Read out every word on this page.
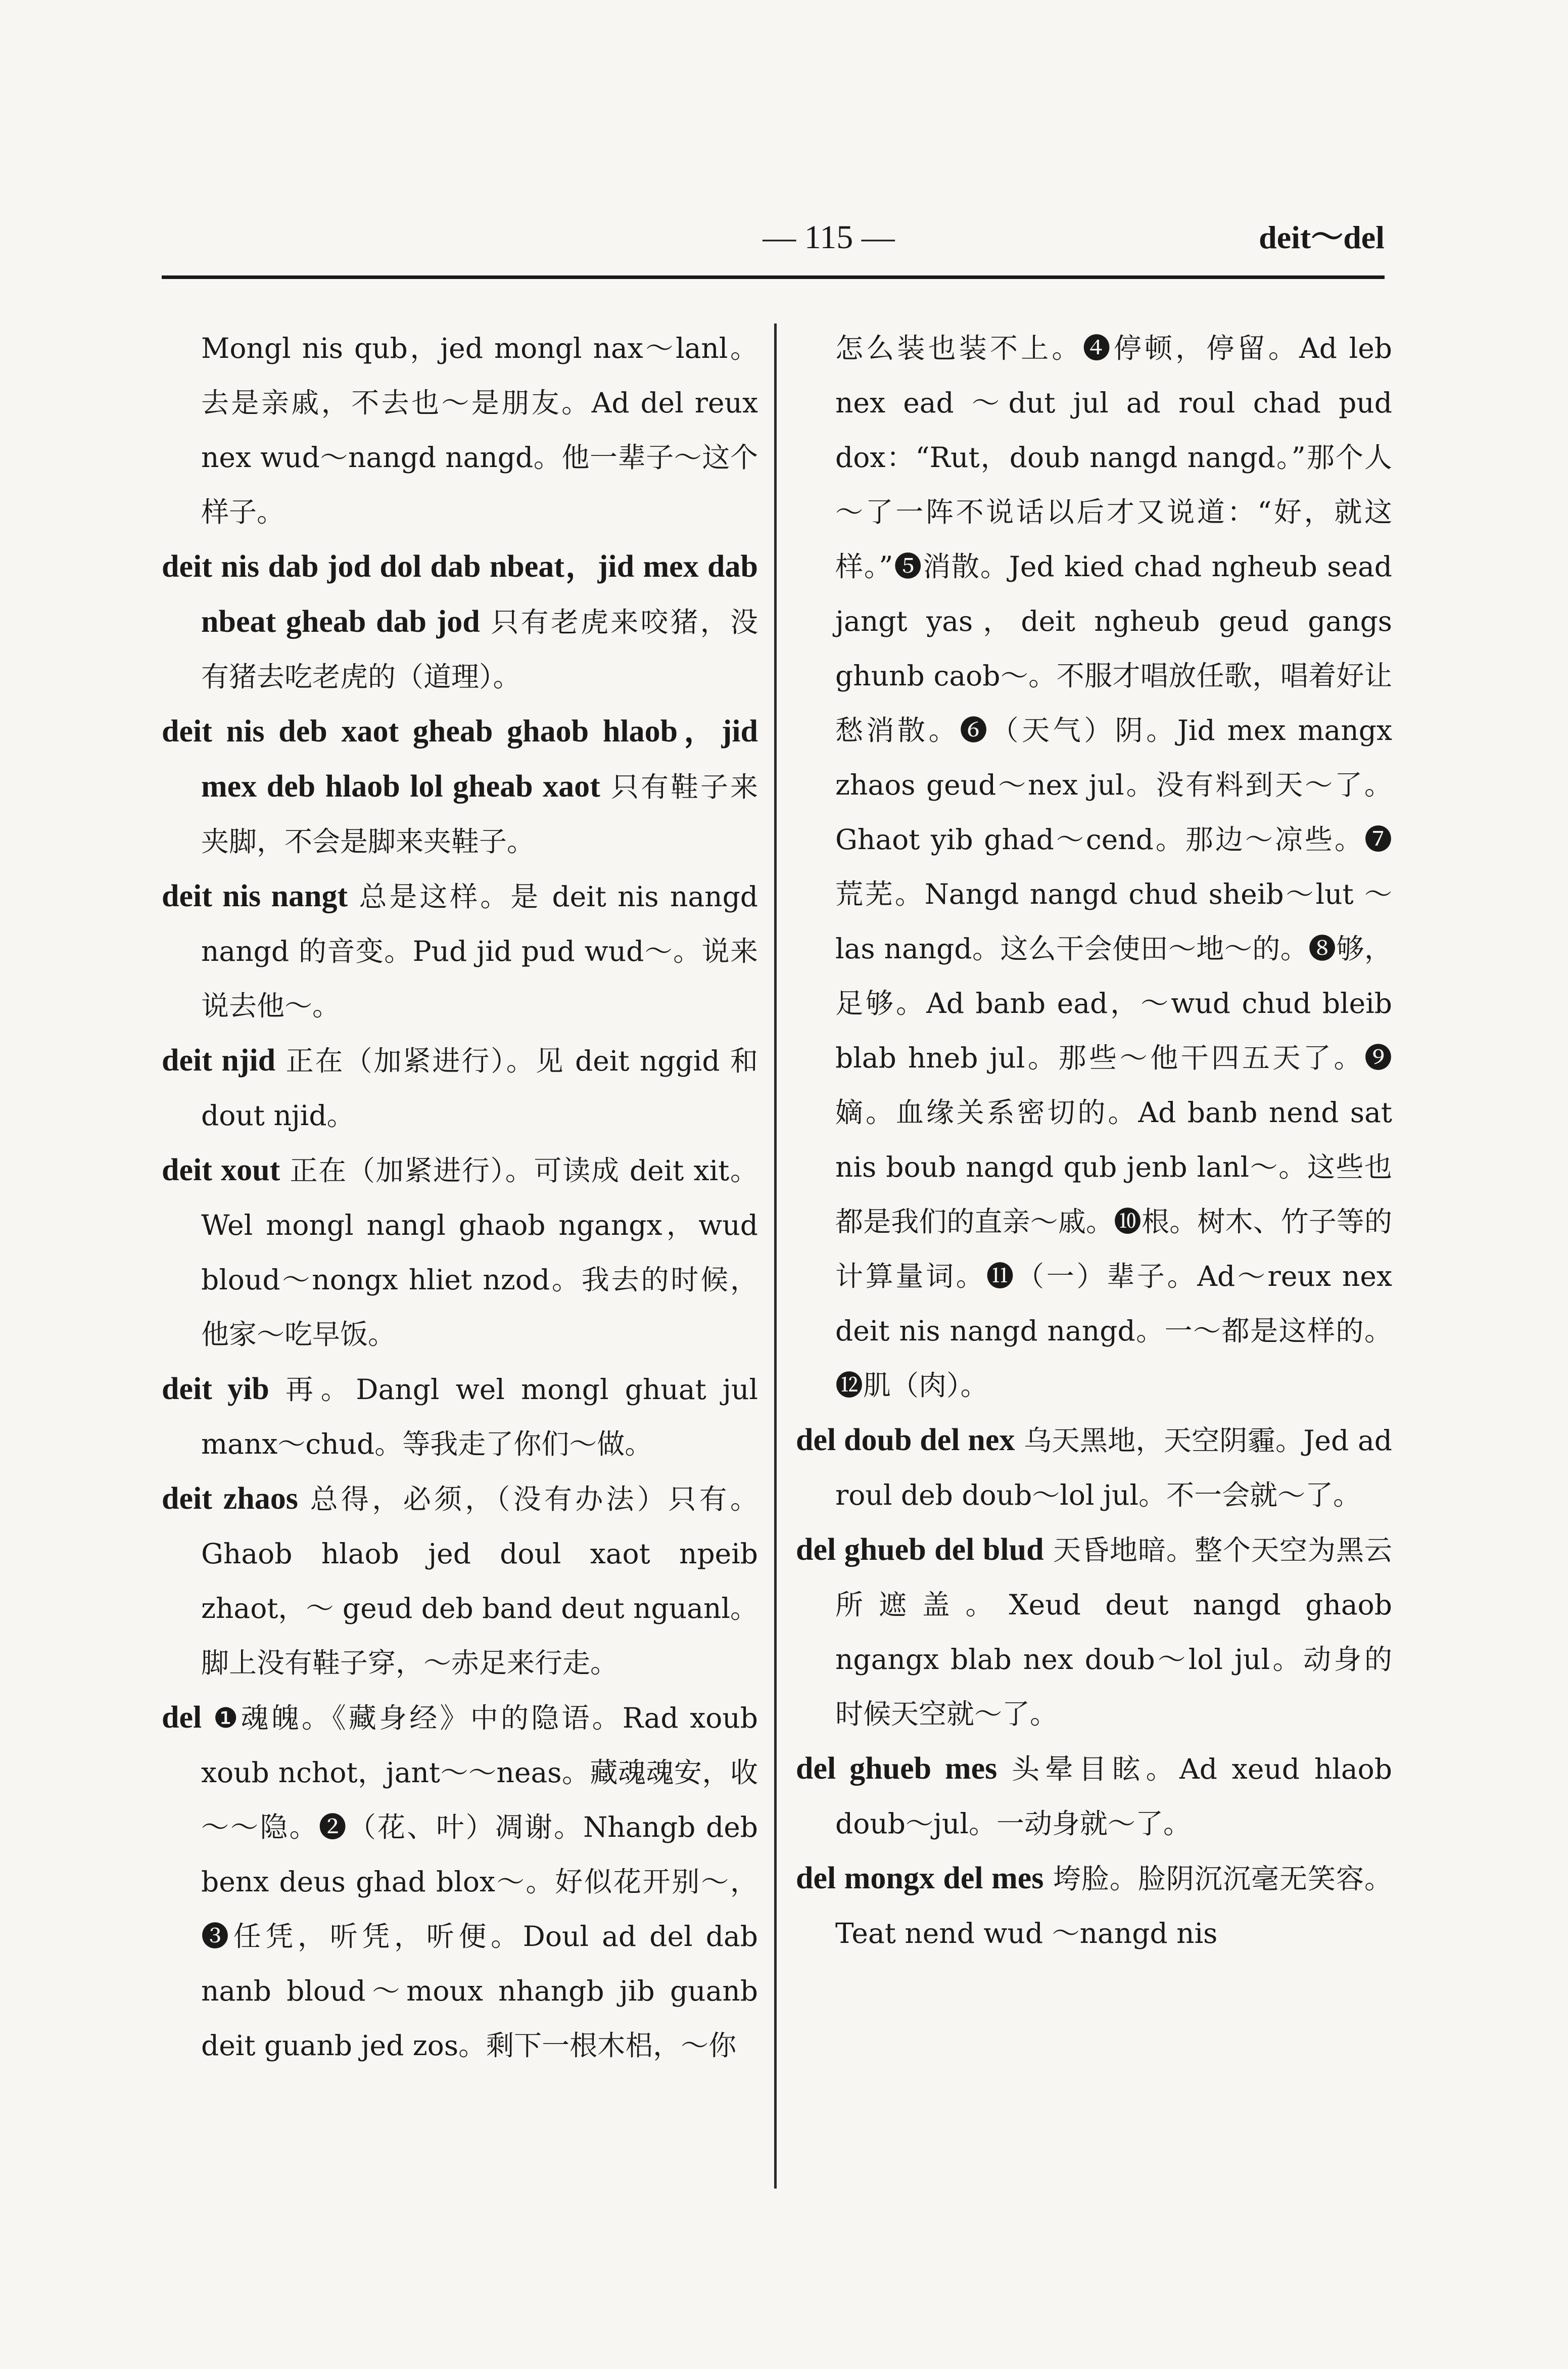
— 115 —	deit～del

Mongl nis qub，jed mongl nax～lanl。去是亲戚，不去也～是朋友。Ad del reux nex wud～nangd nangd。他一辈子～这个样子。

deit nis dab jod dol dab nbeat，jid mex dab nbeat gheab dab jod 只有老虎来咬猪，没有猪去吃老虎的（道理）。

deit nis deb xaot gheab ghaob hlaob，jid mex deb hlaob lol gheab xaot 只有鞋子来夹脚，不会是脚来夹鞋子。

deit nis nangt 总是这样。是 deit nis nangd nangd 的音变。Pud jid pud wud～。说来说去他～。

deit njid 正在（加紧进行）。见 deit nggid 和 dout njid。

deit xout 正在（加紧进行）。可读成 deit xit。Wel mongl nangl ghaob ngangx，wud bloud～nongx hliet nzod。我去的时候，他家～吃早饭。

deit yib 再。Dangl wel mongl ghuat jul manx～chud。等我走了你们～做。

deit zhaos 总得，必须，（没有办法）只有。Ghaob hlaob jed doul xaot npeib zhaot，～ geud deb band deut nguanl。脚上没有鞋子穿，～赤足来行走。

del ❶魂魄。《藏身经》中的隐语。Rad xoub xoub nchot，jant～～neas。藏魂魂安，收～～隐。❷（花、叶）凋谢。Nhangb deb benx deus ghad blox～。好似花开别～，❸任凭，听凭，听便。Doul ad del dab nanb bloud～moux nhangb jib guanb deit guanb jed zos。剩下一根木梠，～你

怎么装也装不上。❹停顿，停留。Ad leb nex ead ～dut jul ad roul chad pud dox：“Rut，doub nangd nangd。”那个人～了一阵不说话以后才又说道：“好，就这样。”❺消散。Jed kied chad ngheub sead jangt yas，deit ngheub geud gangs ghunb caob～。不服才唱放任歌，唱着好让愁消散。❻（天气）阴。Jid mex mangx zhaos geud～nex jul。没有料到天～了。Ghaot yib ghad～cend。那边～凉些。❼荒芜。Nangd nangd chud sheib～lut ～las nangd。这么干会使田～地～的。❽够，足够。Ad banb ead，～wud chud bleib blab hneb jul。那些～他干四五天了。❾嫡。血缘关系密切的。Ad banb nend sat nis boub nangd qub jenb lanl～。这些也都是我们的直亲～戚。❿根。树木、竹子等的计算量词。⓫（一）辈子。Ad～reux nex deit nis nangd nangd。一～都是这样的。⓬肌（肉）。

del doub del nex 乌天黑地，天空阴霾。Jed ad roul deb doub～lol jul。不一会就～了。

del ghueb del blud 天昏地暗。整个天空为黑云所遮盖。Xeud deut nangd ghaob ngangx blab nex doub～lol jul。动身的时候天空就～了。

del ghueb mes 头晕目眩。Ad xeud hlaob doub～jul。一动身就～了。

del mongx del mes 垮脸。脸阴沉沉毫无笑容。Teat nend wud ～nangd nis
